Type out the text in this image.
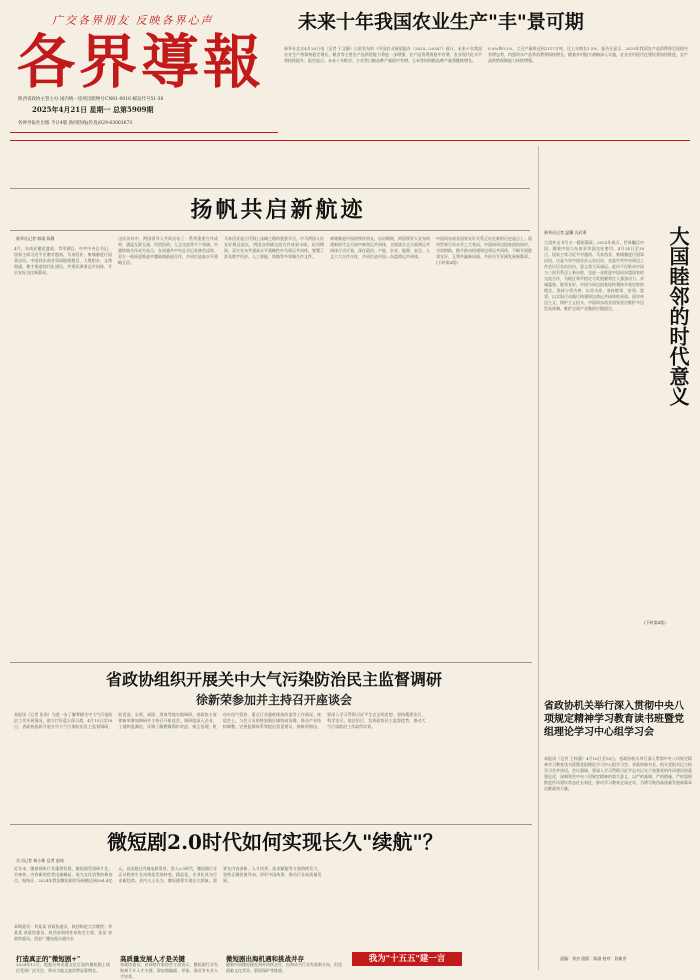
广交各界朋友 反映各界心声
各界導報
陕西省政协主管主办 国内统一连续出版物号CN61-0016 邮发代号51-38
2025年4月21日 星期一 总第5909期
各界导报社出版 今日4版 新闻热线(传真)029-63003673
未来十年我国农业生产"丰"景可期
新华社北京4月20日电（记者 于文静）日前发布的《中国农业展望报告（2025—2034）》预计，未来十年我国农业生产将保持稳定增长，粮食等主要农产品供给能力将进一步增强，农产品消费将稳中有增，农业现代化水平将持续提升。报告显示，未来十年稻谷、小麦等口粮品种产量稳中有增，玉米等饲料粮品种产量将继续增长。
0.9%和0.2%，大豆产量将达到2117万吨，比上年增长1.5%。报告还显示，2025年我国农产品消费将呈现稳中有增态势，肉蛋奶水产品等消费将保持增长，随着乡村振兴战略深入实施，农业农村现代化建设将加快推进，农产品供给保障能力持续增强。
扬帆共启新航迹
新华社记者 韩梁 陈静
4月，东南亚繁花盛放、青翠满目。中共中央总书记、国家主席习近平应邀对越南、马来西亚、柬埔寨进行国事访问。中国同东南亚邻国地缘相近、人缘相亲、文缘相通，携手推进现代化建设、共建亚洲命运共同体，开启友好交往新篇章。
这次访问中，两国领导人共同宣布了一系列重要合作成果，涵盖互联互通、经贸投资、人文交流等多个领域。中越铁路合作成为亮点，在同越共中央总书记苏林会谈时，双方一致同意推进中越陆路联通合作，共同打造高水平战略互信。
马来西亚是古代海上丝绸之路的重要节点。中马两国人民友好源远流长，两国各领域交流合作成果丰硕。访问期间，双方宣布共建高水平战略性中马命运共同体，签署了涉及数字经济、人工智能、铁路等多领域合作文件。
柬埔寨是中国的铁杆朋友。访问期间，两国领导人宣布构建新时代全天候中柬命运共同体，全面落实全天候命运共同体行动计划，深化政治、产能、农业、能源、安全、人文六大合作支柱，共同打造中国—东盟命运共同体。
中国同东南亚国家友好关系正站在新的历史起点上。面对世界百年未有之大变局，中国同周边国家团结协作、守望相助，携手推动构建周边命运共同体，不断开创睦邻友好、互利共赢新局面，共同书写亚洲发展新篇章。(下转第4版)
新华社记者 温馨 冯武勇	大国睦邻的时代意义
大国外交书写又一精彩篇章。2025年春天，世界瞩目中国。随着中国与东南亚邻国交往密切，4月14日至18日，国家主席习近平对越南、马来西亚、柬埔寨进行国事访问。这是今年中国首次元首出访，也是中共中央周边工作会议后首次出访，意义重大而深远。此访不仅推动中国与三国关系迈上新台阶，也进一步推进中国同东盟国家的交流合作，为地区和平稳定与发展繁荣注入强劲动力。亲诚惠容，睦邻友好，中国与周边国家始终秉持开放包容的理念，坚持与邻为善、以邻为伴，坚持睦邻、安邻、富邻，以实际行动践行构建周边命运共同体的承诺。面对单边主义、保护主义抬头，中国同东南亚国家坚定维护多边贸易体制，维护全球产业链供应链稳定。
(下转第4版)
省政协组织开展关中大气污染防治民主监督调研
徐新荣参加并主持召开座谈会
本报讯（记者 张涛）为进一步了解掌握关中大气污染防治工作开展情况，助力打好蓝天保卫战，4月15日至18日，省政协组织开展关中大气污染防治民主监督调研，赴西安、宝鸡、咸阳、渭南等地实地调研。省政协主席徐新荣参加调研并主持召开座谈会。调研组深入企业、工地和监测站，详细了解燃煤锅炉改造、扬尘治理、机动车尾气管控、重点行业超低排放改造等工作情况。座谈会上，与会人员围绕加强区域协同治理、推动产业结构调整、完善监测体系等提出意见建议。徐新荣指出，要深入学习贯彻习近平生态文明思想，坚持精准治污、科学治污、依法治污，发挥政协民主监督优势，推动大气污染防治工作取得实效。
微短剧2.0时代如何实现长久"续航"？
实习记者 杨小珠 记者 赵琦
近年来，随着视听行业蓬勃发展，微短剧凭借碎片化、节奏快、内容新的优势迅速崛起，成为文化消费的新亮点。据统计，2024年我国微短剧市场规模达到504.4亿元，首次超过内地电影票房。进入2.0时代，微短剧行业正从野蛮生长向规范发展转变，精品化、专业化成为行业新趋势。业内人士认为，微短剧要实现长久续航，需要在内容创新、人才培养、技术赋能等方面持续发力，坚持正确价值导向，讲好中国故事，推动行业高质量发展。
本期嘉宾：刘某某 省政协委员、陕西师范大学教授；李某某 省政协委员、陕西省网络作家协会主席；张某 省政协委员、西安广播电视台副台长
打造真正的"微短剧+"
2024年12月，根据台州非遗文化打造的微短剧上线后受到广泛关注，带动当地文旅消费显著增长。
高质量发展人才是关键
省政协委员、省网络作家协会主席表示，微短剧行业发展离不开人才支撑，需加强编剧、导演、演员等专业人才培养。
微短剧出海机遇和挑战并存
随着中国微短剧在海外持续走红，出海成为行业发展新方向，但也面临文化差异、版权保护等挑战。
我为"十五五"建一言
省政协机关举行深入贯彻中央八项规定精神学习教育读书班暨党组理论学习中心组学习会
本报讯（记者 王梓涵）4月16日至18日，省政协机关举行深入贯彻中央八项规定精神学习教育读书班暨党组理论学习中心组学习会。省政协秘书长、机关党组书记主持学习会并讲话。会议强调，要深入学习贯彻习近平总书记关于加强党的作风建设的重要论述，深刻领会中央八项规定精神的重大意义，以严的基调、严的措施、严的氛围推进作风建设常态化长效化，推动学习教育走深走实，为谱写陕西高质量发展新篇章贡献政协力量。
责编：刘杰 组版：陈淑 校对：段新彦
